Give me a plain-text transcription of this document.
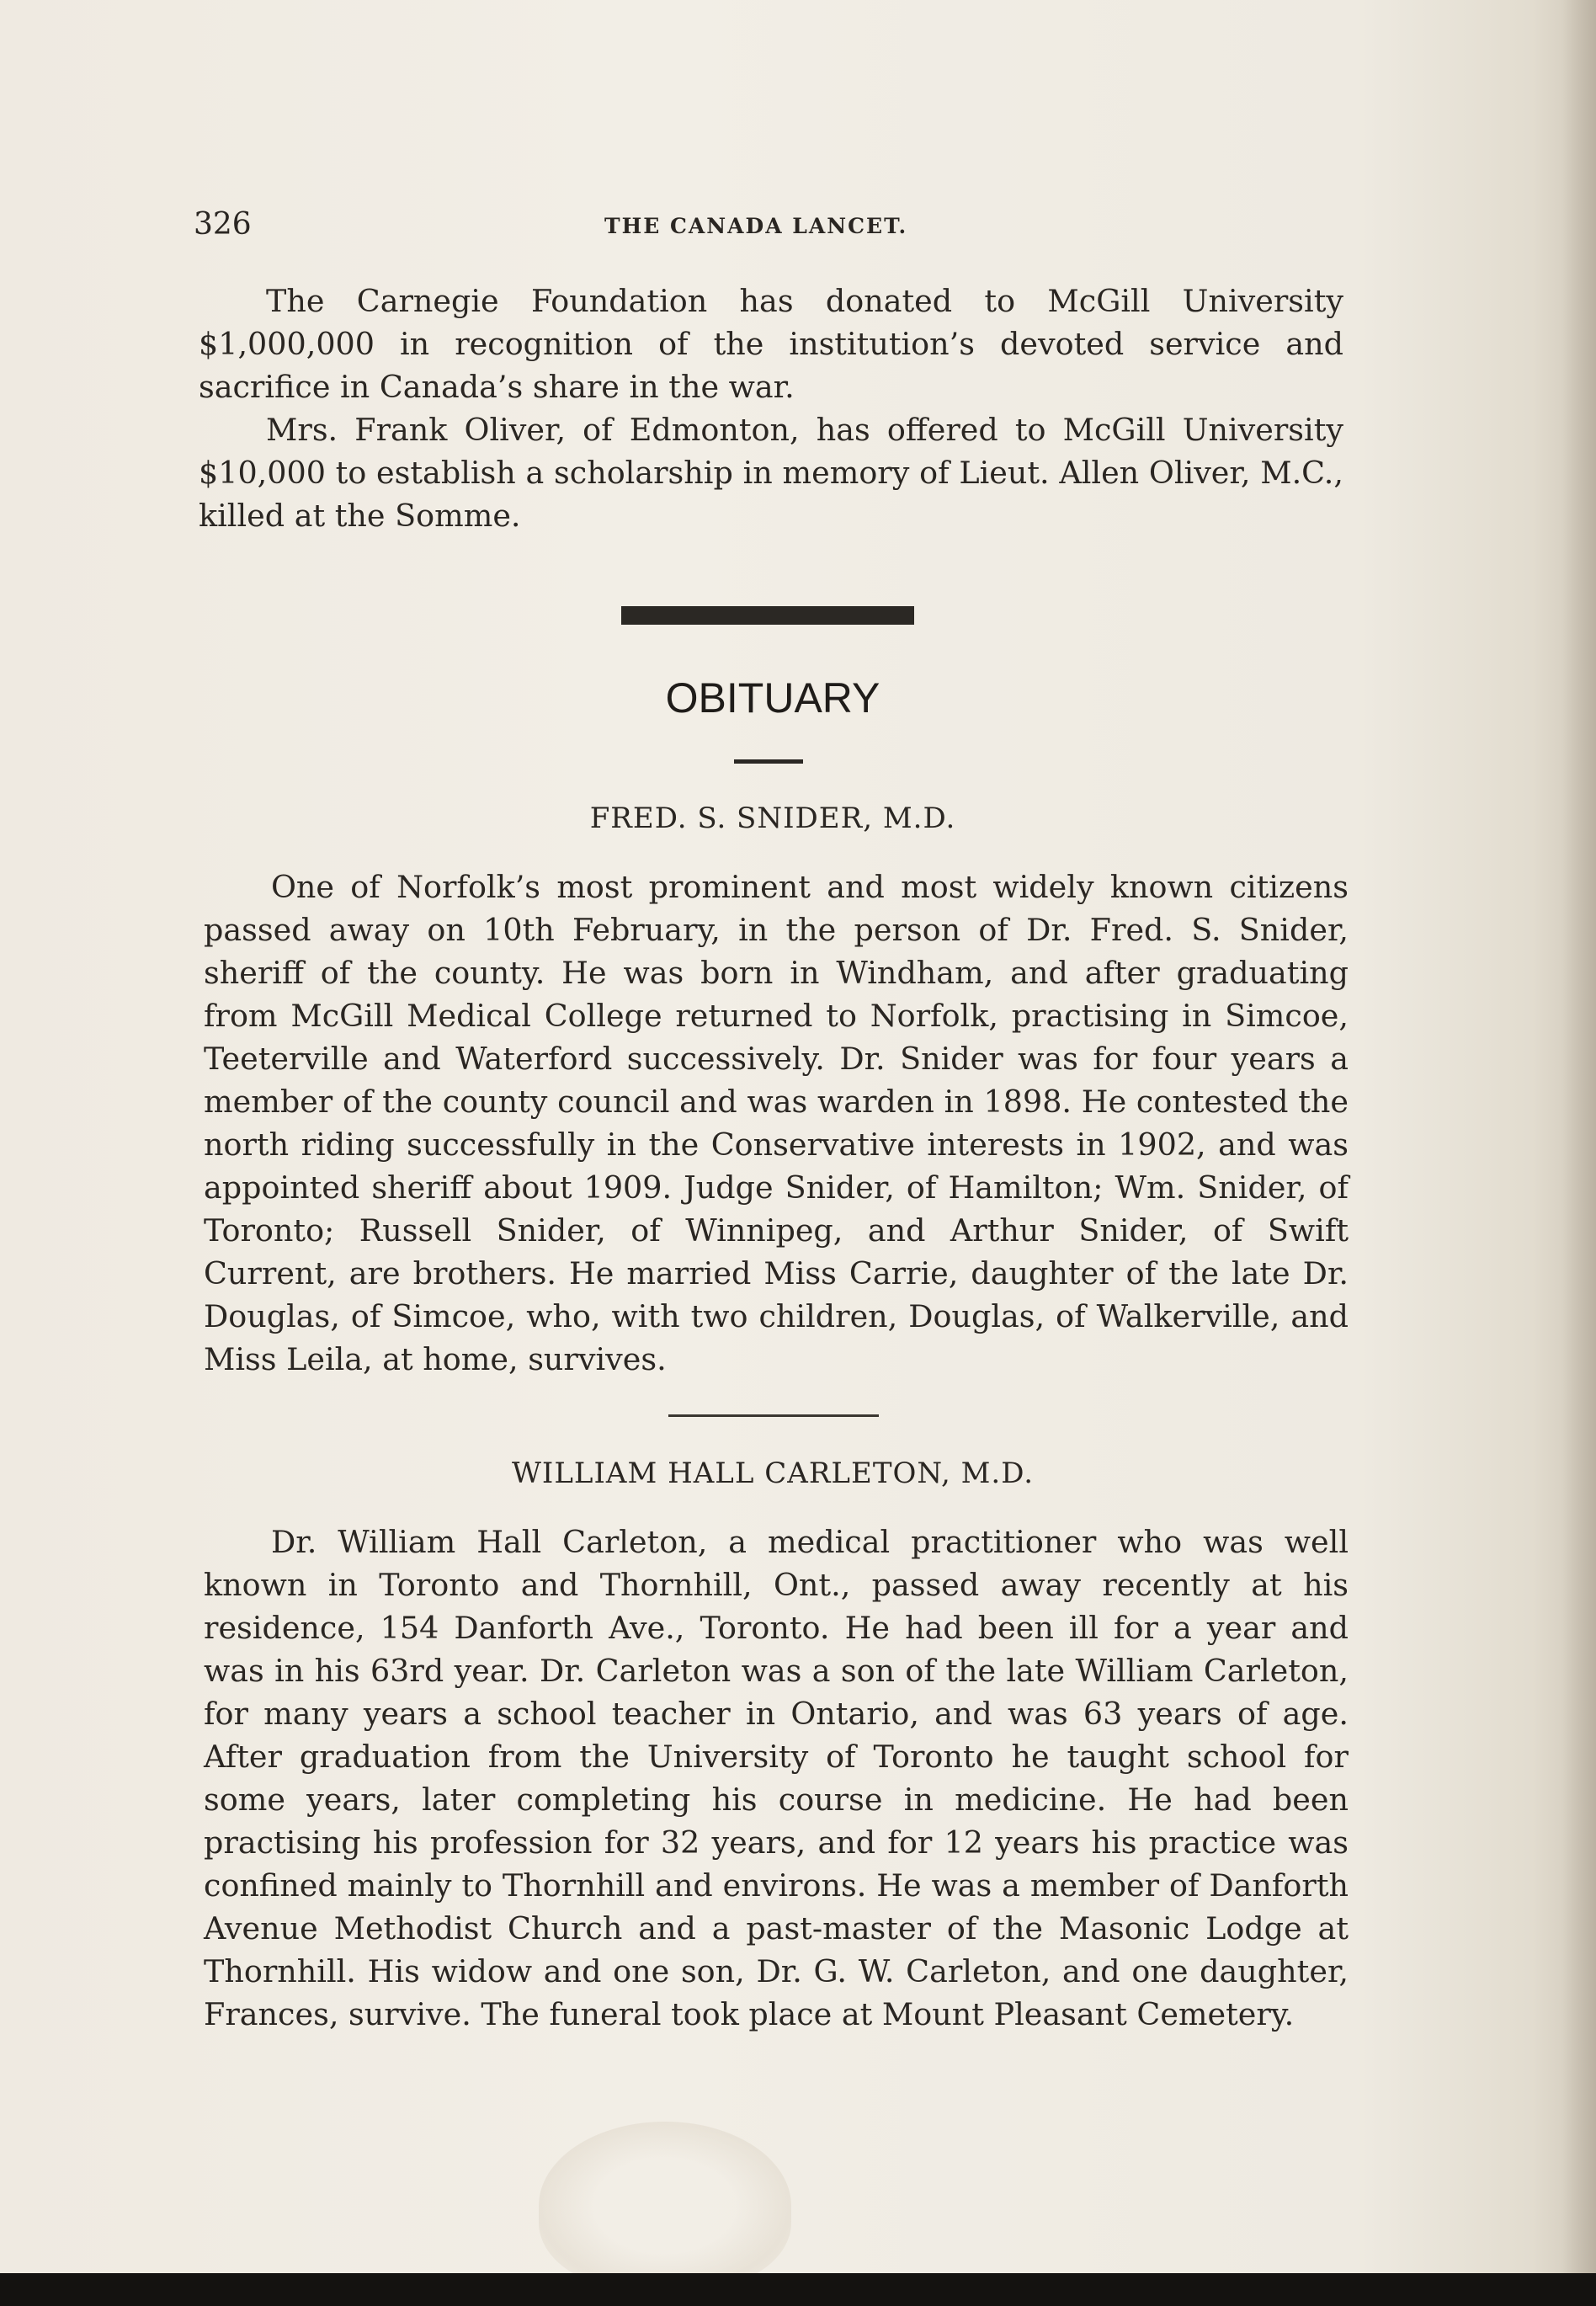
326	THE CANADA LANCET.

The Carnegie Foundation has donated to McGill University $1,000,000 in recognition of the institution’s devoted service and sacrifice in Canada’s share in the war.

Mrs. Frank Oliver, of Edmonton, has offered to McGill University $10,000 to establish a scholarship in memory of Lieut. Allen Oliver, M.C., killed at the Somme.

OBITUARY
FRED. S. SNIDER, M.D.

One of Norfolk’s most prominent and most widely known citizens passed away on 10th February, in the person of Dr. Fred. S. Snider, sheriff of the county. He was born in Windham, and after graduating from McGill Medical College returned to Norfolk, practising in Simcoe, Teeterville and Waterford successively. Dr. Snider was for four years a member of the county council and was warden in 1898. He contested the north riding successfully in the Conservative interests in 1902, and was appointed sheriff about 1909. Judge Snider, of Hamilton; Wm. Snider, of Toronto; Russell Snider, of Winnipeg, and Arthur Snider, of Swift Current, are brothers. He married Miss Carrie, daughter of the late Dr. Douglas, of Simcoe, who, with two children, Douglas, of Walkerville, and Miss Leila, at home, survives.

WILLIAM HALL CARLETON, M.D.

Dr. William Hall Carleton, a medical practitioner who was well known in Toronto and Thornhill, Ont., passed away recently at his residence, 154 Danforth Ave., Toronto. He had been ill for a year and was in his 63rd year. Dr. Carleton was a son of the late William Carleton, for many years a school teacher in Ontario, and was 63 years of age. After graduation from the University of Toronto he taught school for some years, later completing his course in medicine. He had been practising his profession for 32 years, and for 12 years his practice was confined mainly to Thornhill and environs. He was a member of Danforth Avenue Methodist Church and a past-master of the Masonic Lodge at Thornhill. His widow and one son, Dr. G. W. Carleton, and one daughter, Frances, survive. The funeral took place at Mount Pleasant Cemetery.
